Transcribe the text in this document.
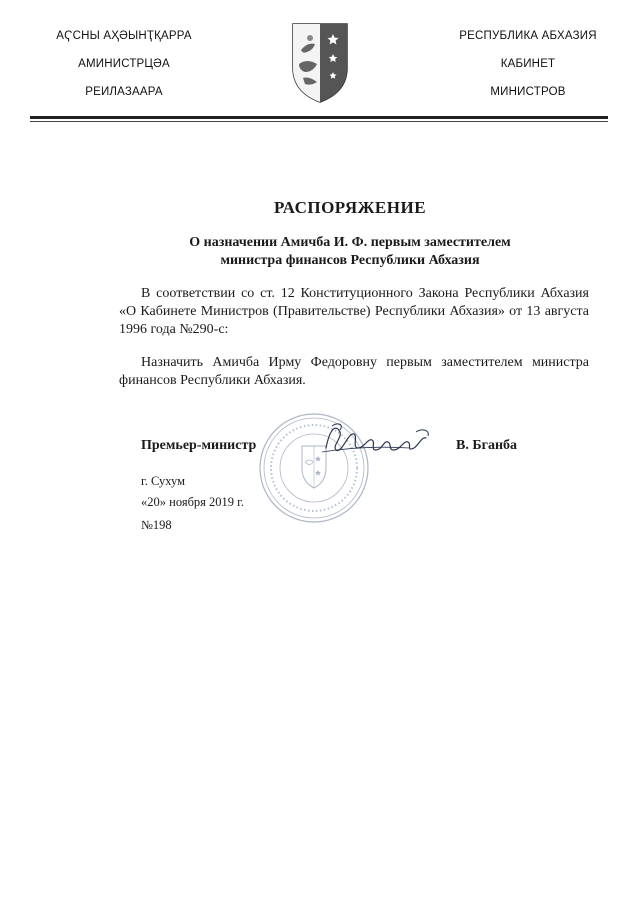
АҀСНЫ АҲӘЫНҬҚАРРА
АМИНИСТРЦӘА
РЕИЛАЗААРА
РЕСПУБЛИКА АБХАЗИЯ
КАБИНЕТ
МИНИСТРОВ
РАСПОРЯЖЕНИЕ
О назначении Амичба И. Ф. первым заместителем
министра финансов Республики Абхазия
В соответствии со ст. 12 Конституционного Закона Республики Абхазия «О Кабинете Министров (Правительстве) Республики Абхазия» от 13 августа 1996 года №290-с:
Назначить Амичба Ирму Федоровну первым заместителем министра финансов Республики Абхазия.
Премьер-министр	В. Бганба
г. Сухум
«20» ноября 2019 г.
№198
